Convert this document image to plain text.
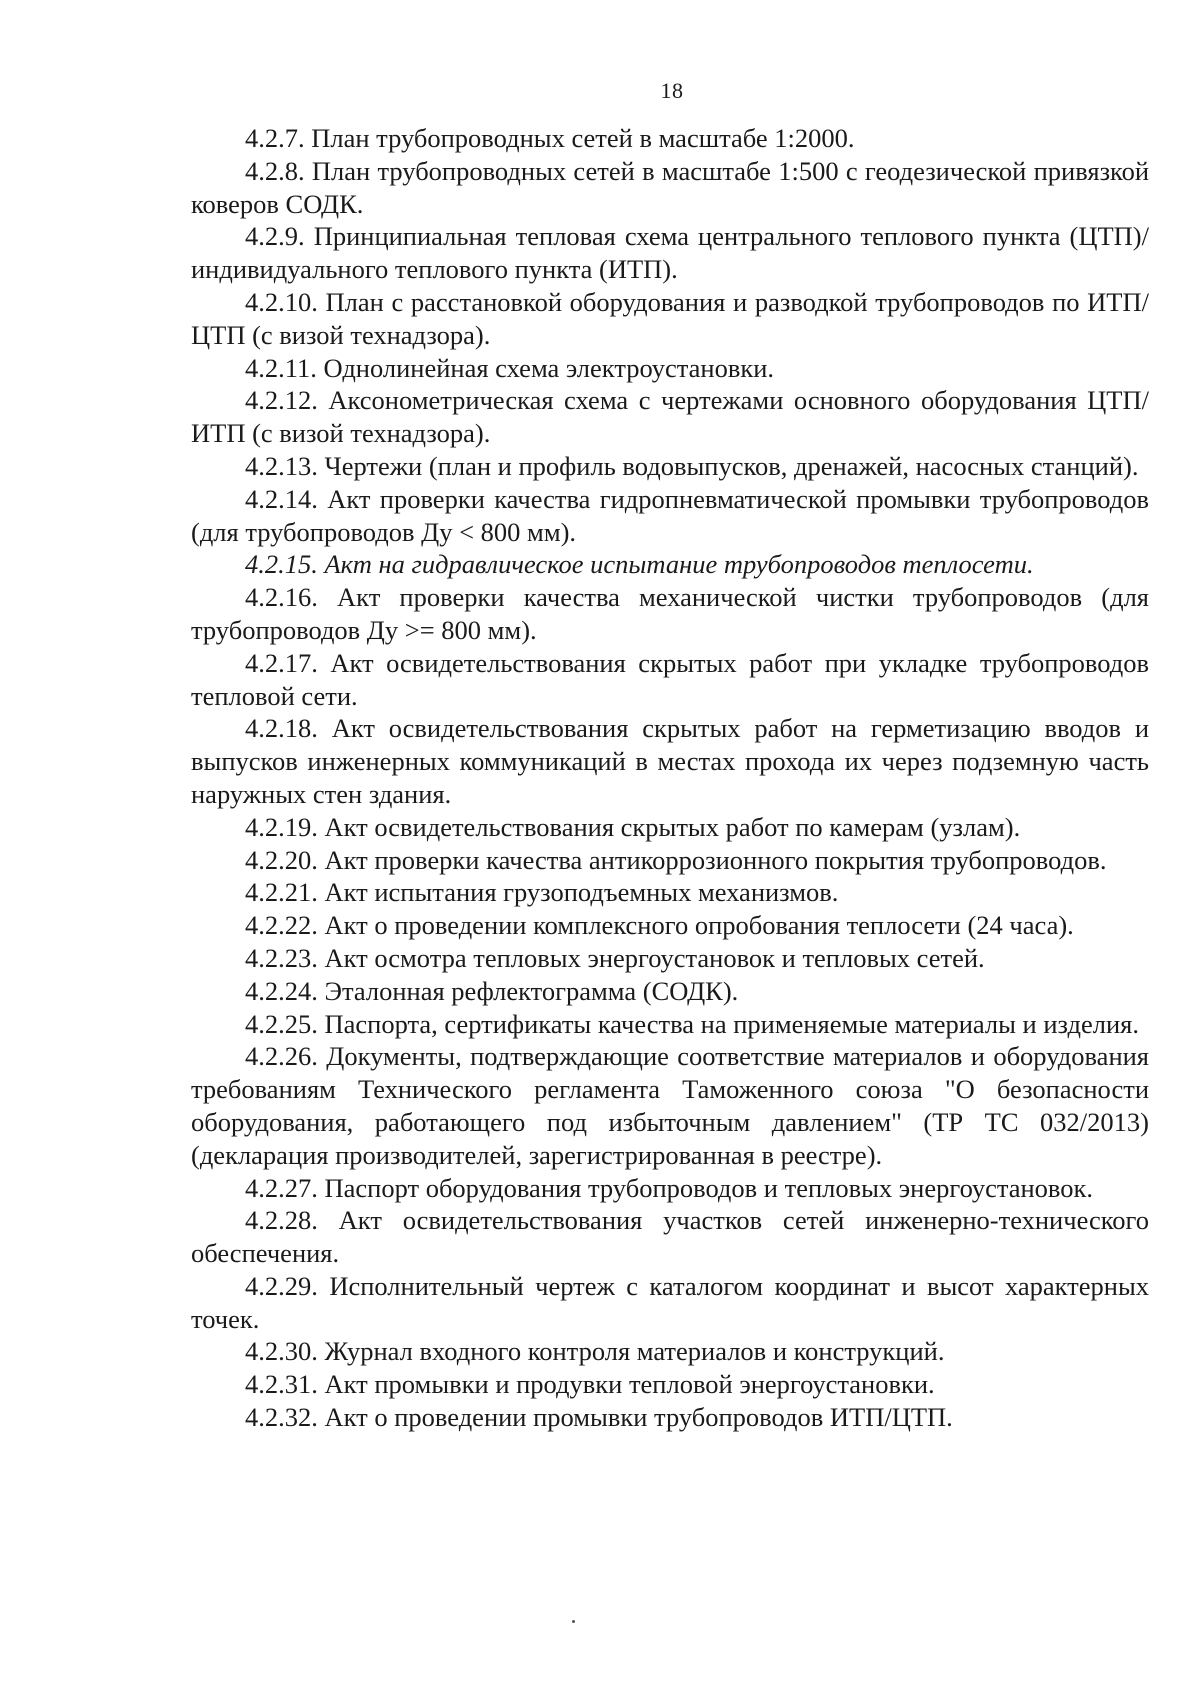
18

4.2.7. План трубопроводных сетей в масштабе 1:2000.

4.2.8. План трубопроводных сетей в масштабе 1:500 с геодезической привязкой коверов СОДК.

4.2.9. Принципиальная тепловая схема центрального теплового пункта (ЦТП)/индивидуального теплового пункта (ИТП).

4.2.10. План с расстановкой оборудования и разводкой трубопроводов по ИТП/ЦТП (с визой технадзора).

4.2.11. Однолинейная схема электроустановки.

4.2.12. Аксонометрическая схема с чертежами основного оборудования ЦТП/ИТП (с визой технадзора).

4.2.13. Чертежи (план и профиль водовыпусков, дренажей, насосных станций).

4.2.14. Акт проверки качества гидропневматической промывки трубопроводов (для трубопроводов Ду < 800 мм).

4.2.15. Акт на гидравлическое испытание трубопроводов теплосети.

4.2.16. Акт проверки качества механической чистки трубопроводов (для трубопроводов Ду >= 800 мм).

4.2.17. Акт освидетельствования скрытых работ при укладке трубопроводов тепловой сети.

4.2.18. Акт освидетельствования скрытых работ на герметизацию вводов и выпусков инженерных коммуникаций в местах прохода их через подземную часть наружных стен здания.

4.2.19. Акт освидетельствования скрытых работ по камерам (узлам).

4.2.20. Акт проверки качества антикоррозионного покрытия трубопроводов.

4.2.21. Акт испытания грузоподъемных механизмов.

4.2.22. Акт о проведении комплексного опробования теплосети (24 часа).

4.2.23. Акт осмотра тепловых энергоустановок и тепловых сетей.

4.2.24. Эталонная рефлектограмма (СОДК).

4.2.25. Паспорта, сертификаты качества на применяемые материалы и изделия.

4.2.26. Документы, подтверждающие соответствие материалов и оборудования требованиям Технического регламента Таможенного союза "О безопасности оборудования, работающего под избыточным давлением" (ТР ТС 032/2013) (декларация производителей, зарегистрированная в реестре).

4.2.27. Паспорт оборудования трубопроводов и тепловых энергоустановок.

4.2.28. Акт освидетельствования участков сетей инженерно-технического обеспечения.

4.2.29. Исполнительный чертеж с каталогом координат и высот характерных точек.

4.2.30. Журнал входного контроля материалов и конструкций.

4.2.31. Акт промывки и продувки тепловой энергоустановки.

4.2.32. Акт о проведении промывки трубопроводов ИТП/ЦТП.
